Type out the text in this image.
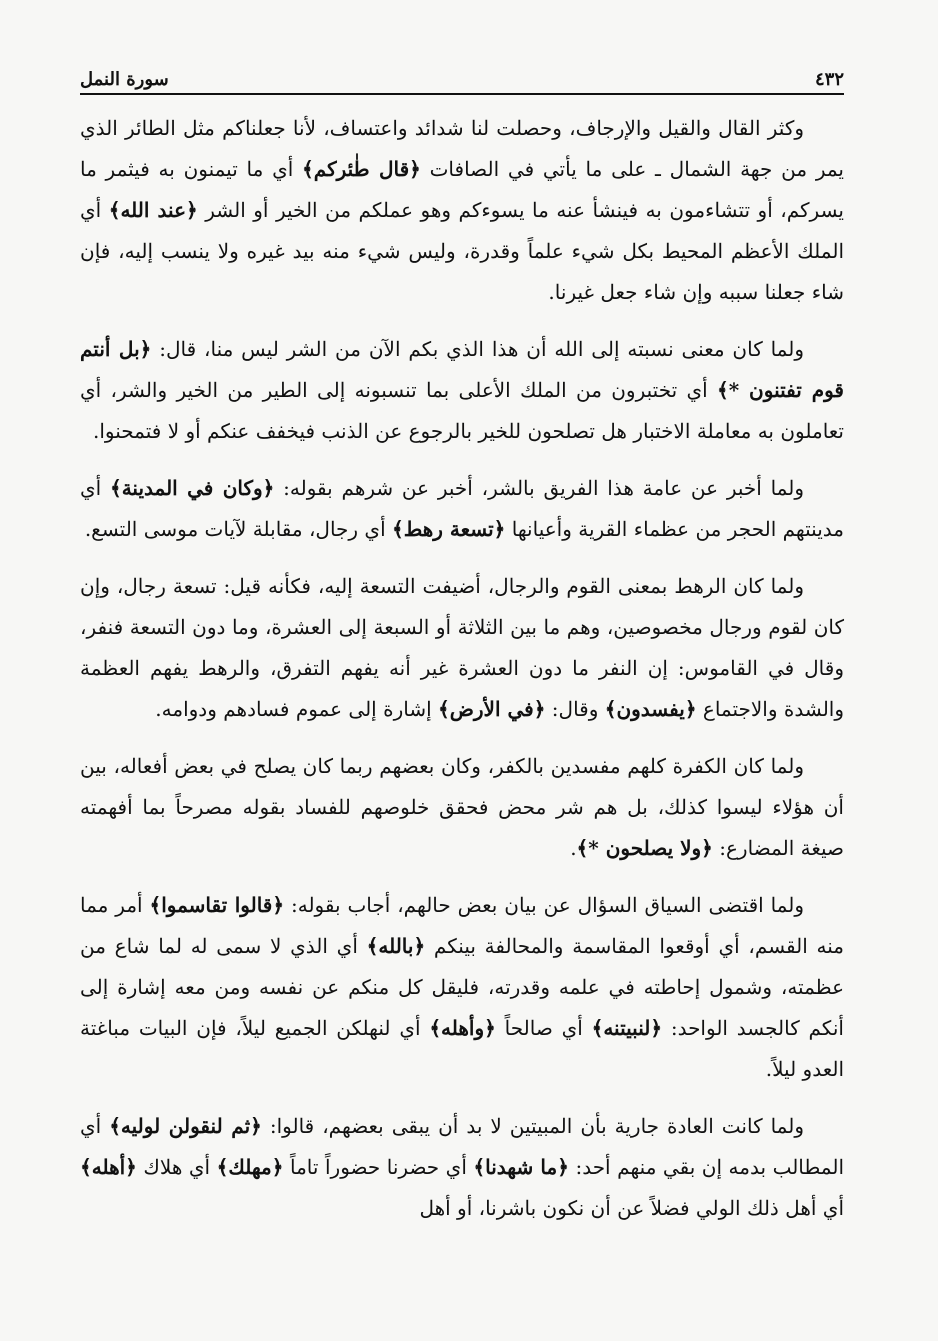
٤٣٢
سورة النمل

وكثر القال والقيل والإرجاف، وحصلت لنا شدائد واعتساف، لأنا جعلناكم مثل الطائر الذي يمر من جهة الشمال ـ على ما يأتي في الصافات ﴿قال طٰئركم﴾ أي ما تيمنون به فيثمر ما يسركم، أو تتشاءمون به فينشأ عنه ما يسوءكم وهو عملكم من الخير أو الشر ﴿عند الله﴾ أي الملك الأعظم المحيط بكل شيء علماً وقدرة، وليس شيء منه بيد غيره ولا ينسب إليه، فإن شاء جعلنا سببه وإن شاء جعل غيرنا.

ولما كان معنى نسبته إلى الله أن هذا الذي بكم الآن من الشر ليس منا، قال: ﴿بل أنتم قوم تفتنون *﴾ أي تختبرون من الملك الأعلى بما تنسبونه إلى الطير من الخير والشر، أي تعاملون به معاملة الاختبار هل تصلحون للخير بالرجوع عن الذنب فيخفف عنكم أو لا فتمحنوا.

ولما أخبر عن عامة هذا الفريق بالشر، أخبر عن شرهم بقوله: ﴿وكان في المدينة﴾ أي مدينتهم الحجر من عظماء القرية وأعيانها ﴿تسعة رهط﴾ أي رجال، مقابلة لآيات موسى التسع.

ولما كان الرهط بمعنى القوم والرجال، أضيفت التسعة إليه، فكأنه قيل: تسعة رجال، وإن كان لقوم ورجال مخصوصين، وهم ما بين الثلاثة أو السبعة إلى العشرة، وما دون التسعة فنفر، وقال في القاموس: إن النفر ما دون العشرة غير أنه يفهم التفرق، والرهط يفهم العظمة والشدة والاجتماع ﴿يفسدون﴾ وقال: ﴿في الأرض﴾ إشارة إلى عموم فسادهم ودوامه.

ولما كان الكفرة كلهم مفسدين بالكفر، وكان بعضهم ربما كان يصلح في بعض أفعاله، بين أن هؤلاء ليسوا كذلك، بل هم شر محض فحقق خلوصهم للفساد بقوله مصرحاً بما أفهمته صيغة المضارع: ﴿ولا يصلحون *﴾.

ولما اقتضى السياق السؤال عن بيان بعض حالهم، أجاب بقوله: ﴿قالوا تقاسموا﴾ أمر مما منه القسم، أي أوقعوا المقاسمة والمحالفة بينكم ﴿بالله﴾ أي الذي لا سمى له لما شاع من عظمته، وشمول إحاطته في علمه وقدرته، فليقل كل منكم عن نفسه ومن معه إشارة إلى أنكم كالجسد الواحد: ﴿لنبيتنه﴾ أي صالحاً ﴿وأهله﴾ أي لنهلكن الجميع ليلاً، فإن البيات مباغتة العدو ليلاً.

ولما كانت العادة جارية بأن المبيتين لا بد أن يبقى بعضهم، قالوا: ﴿ثم لنقولن لوليه﴾ أي المطالب بدمه إن بقي منهم أحد: ﴿ما شهدنا﴾ أي حضرنا حضوراً تاماً ﴿مهلك﴾ أي هلاك ﴿أهله﴾ أي أهل ذلك الولي فضلاً عن أن نكون باشرنا، أو أهل
